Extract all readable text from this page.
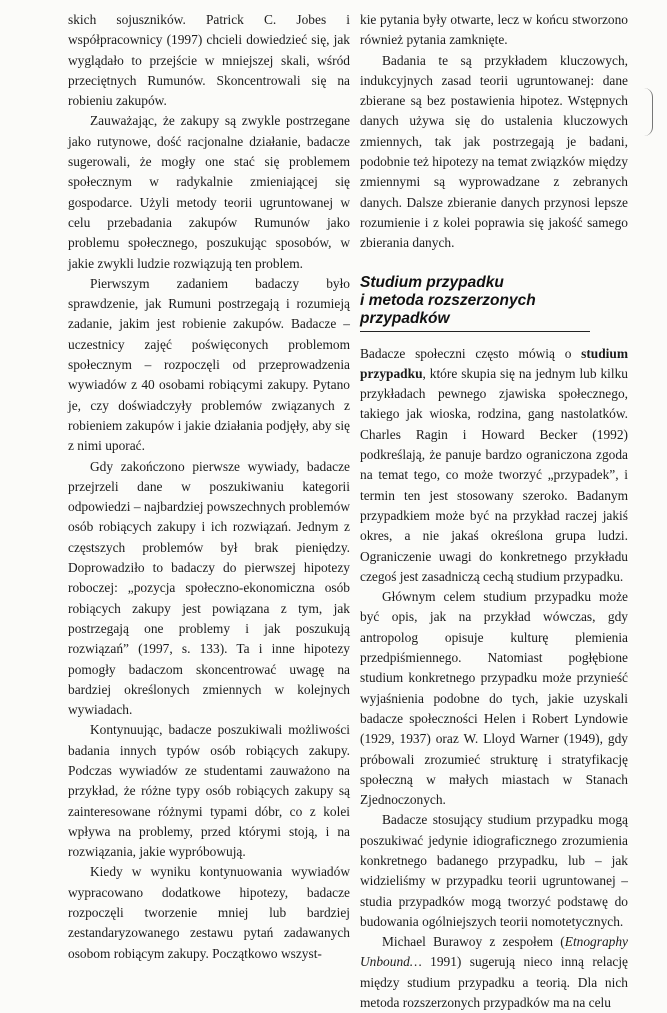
skich sojuszników. Patrick C. Jobes i współpracownicy (1997) chcieli dowiedzieć się, jak wyglądało to przejście w mniejszej skali, wśród przeciętnych Rumunów. Skoncentrowali się na robieniu zakupów.

Zauważając, że zakupy są zwykle postrzegane jako rutynowe, dość racjonalne działanie, badacze sugerowali, że mogły one stać się problemem społecznym w radykalnie zmieniającej się gospodarce. Użyli metody teorii ugruntowanej w celu przebadania zakupów Rumunów jako problemu społecznego, poszukując sposobów, w jakie zwykli ludzie rozwiązują ten problem.

Pierwszym zadaniem badaczy było sprawdzenie, jak Rumuni postrzegają i rozumieją zadanie, jakim jest robienie zakupów. Badacze – uczestnicy zajęć poświęconych problemom społecznym – rozpoczęli od przeprowadzenia wywiadów z 40 osobami robiącymi zakupy. Pytano je, czy doświadczyły problemów związanych z robieniem zakupów i jakie działania podjęły, aby się z nimi uporać.

Gdy zakończono pierwsze wywiady, badacze przejrzeli dane w poszukiwaniu kategorii odpowiedzi – najbardziej powszechnych problemów osób robiących zakupy i ich rozwiązań. Jednym z częstszych problemów był brak pieniędzy. Doprowadziło to badaczy do pierwszej hipotezy roboczej: „pozycja społeczno-ekonomiczna osób robiących zakupy jest powiązana z tym, jak postrzegają one problemy i jak poszukują rozwiązań” (1997, s. 133). Ta i inne hipotezy pomogły badaczom skoncentrować uwagę na bardziej określonych zmiennych w kolejnych wywiadach.

Kontynuując, badacze poszukiwali możliwości badania innych typów osób robiących zakupy. Podczas wywiadów ze studentami zauważono na przykład, że różne typy osób robiących zakupy są zainteresowane różnymi typami dóbr, co z kolei wpływa na problemy, przed którymi stoją, i na rozwiązania, jakie wypróbowują.

Kiedy w wyniku kontynuowania wywiadów wypracowano dodatkowe hipotezy, badacze rozpoczęli tworzenie mniej lub bardziej zestandaryzowanego zestawu pytań zadawanych osobom robiącym zakupy. Początkowo wszyst-

kie pytania były otwarte, lecz w końcu stworzono również pytania zamknięte.

Badania te są przykładem kluczowych, indukcyjnych zasad teorii ugruntowanej: dane zbierane są bez postawienia hipotez. Wstępnych danych używa się do ustalenia kluczowych zmiennych, tak jak postrzegają je badani, podobnie też hipotezy na temat związków między zmiennymi są wyprowadzane z zebranych danych. Dalsze zbieranie danych przynosi lepsze rozumienie i z kolei poprawia się jakość samego zbierania danych.

Studium przypadku
i metoda rozszerzonych przypadków

Badacze społeczni często mówią o studium przypadku, które skupia się na jednym lub kilku przykładach pewnego zjawiska społecznego, takiego jak wioska, rodzina, gang nastolatków. Charles Ragin i Howard Becker (1992) podkreślają, że panuje bardzo ograniczona zgoda na temat tego, co może tworzyć „przypadek”, i termin ten jest stosowany szeroko. Badanym przypadkiem może być na przykład raczej jakiś okres, a nie jakaś określona grupa ludzi. Ograniczenie uwagi do konkretnego przykładu czegoś jest zasadniczą cechą studium przypadku.

Głównym celem studium przypadku może być opis, jak na przykład wówczas, gdy antropolog opisuje kulturę plemienia przedpiśmiennego. Natomiast pogłębione studium konkretnego przypadku może przynieść wyjaśnienia podobne do tych, jakie uzyskali badacze społeczności Helen i Robert Lyndowie (1929, 1937) oraz W. Lloyd Warner (1949), gdy próbowali zrozumieć strukturę i stratyfikację społeczną w małych miastach w Stanach Zjednoczonych.

Badacze stosujący studium przypadku mogą poszukiwać jedynie idiograficznego zrozumienia konkretnego badanego przypadku, lub – jak widzieliśmy w przypadku teorii ugruntowanej – studia przypadków mogą tworzyć podstawę do budowania ogólniejszych teorii nomotetycznych.

Michael Burawoy z zespołem (Etnography Unbound… 1991) sugerują nieco inną relację między studium przypadku a teorią. Dla nich metoda rozszerzonych przypadków ma na celu
